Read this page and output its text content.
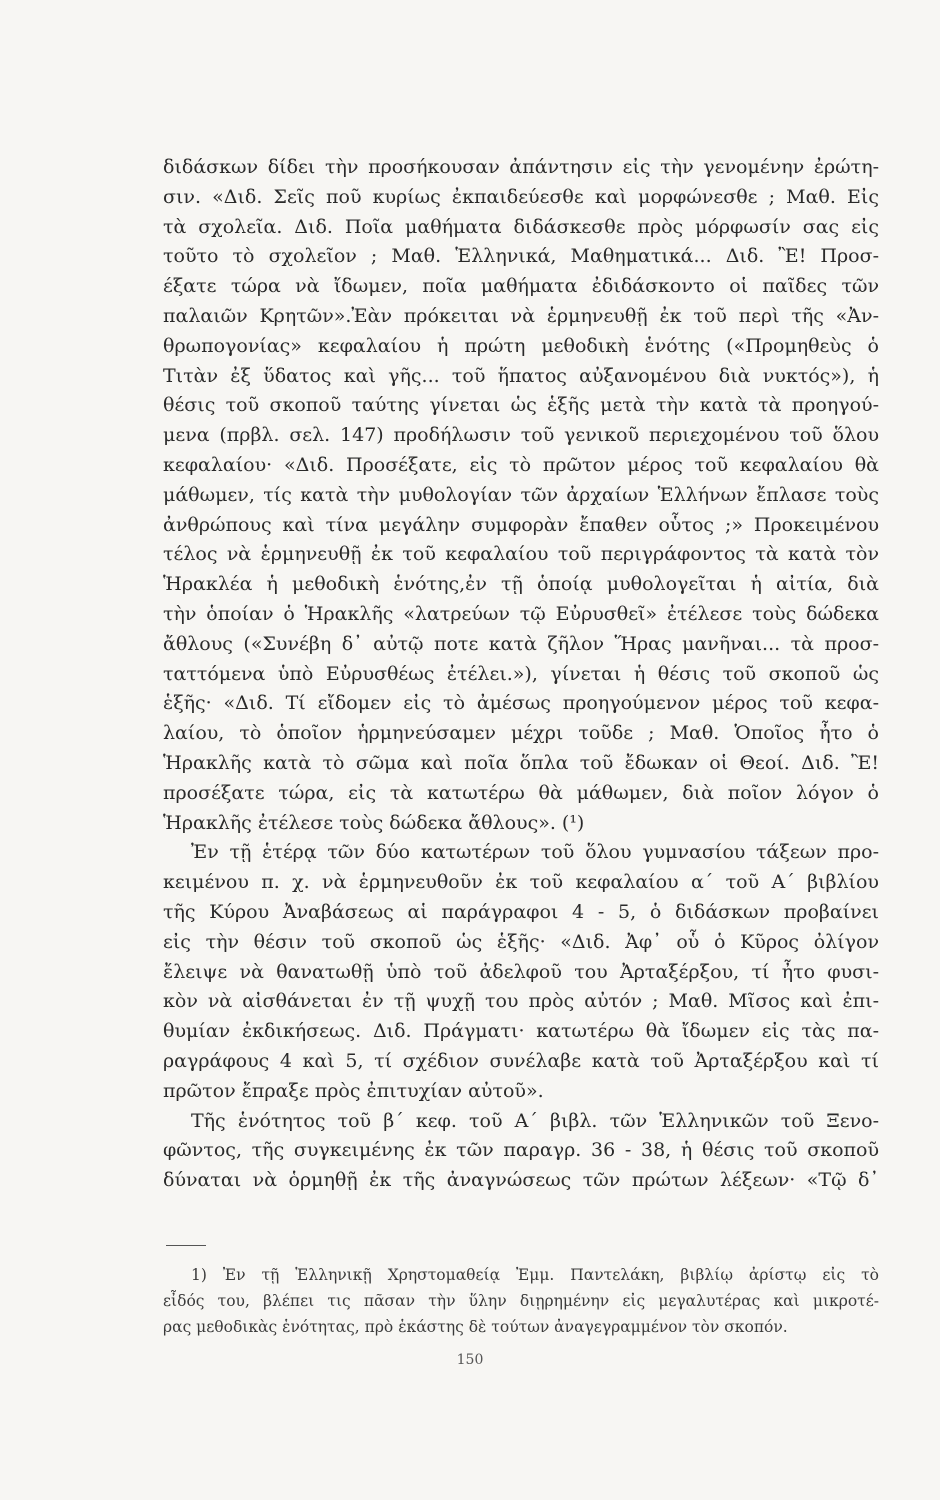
διδάσκων δίδει τὴν προσήκουσαν ἀπάντησιν εἰς τὴν γενομένην ἐρώτη-
σιν. «Διδ. Σεῖς ποῦ κυρίως ἐκπαιδεύεσθε καὶ μορφώνεσθε ; Μαθ. Εἰς
τὰ σχολεῖα. Διδ. Ποῖα μαθήματα διδάσκεσθε πρὸς μόρφωσίν σας εἰς
τοῦτο τὸ σχολεῖον ; Μαθ. Ἑλληνικά, Μαθηματικά... Διδ. Ἒ! Προσ-
έξατε τώρα νὰ ἴδωμεν, ποῖα μαθήματα ἐδιδάσκοντο οἱ παῖδες τῶν
παλαιῶν Κρητῶν».Ἐὰν πρόκειται νὰ ἑρμηνευθῇ ἐκ τοῦ περὶ τῆς «Ἀν-
θρωπογονίας» κεφαλαίου ἡ πρώτη μεθοδικὴ ἑνότης («Προμηθεὺς ὁ
Τιτὰν ἐξ ὕδατος καὶ γῆς... τοῦ ἥπατος αὐξανομένου διὰ νυκτός»), ἡ
θέσις τοῦ σκοποῦ ταύτης γίνεται ὡς ἑξῆς μετὰ τὴν κατὰ τὰ προηγού-
μενα (πρβλ. σελ. 147) προδήλωσιν τοῦ γενικοῦ περιεχομένου τοῦ ὅλου
κεφαλαίου· «Διδ. Προσέξατε, εἰς τὸ πρῶτον μέρος τοῦ κεφαλαίου θὰ
μάθωμεν, τίς κατὰ τὴν μυθολογίαν τῶν ἀρχαίων Ἑλλήνων ἔπλασε τοὺς
ἀνθρώπους καὶ τίνα μεγάλην συμφορὰν ἔπαθεν οὗτος ;» Προκειμένου
τέλος νὰ ἑρμηνευθῇ ἐκ τοῦ κεφαλαίου τοῦ περιγράφοντος τὰ κατὰ τὸν
Ἡρακλέα ἡ μεθοδικὴ ἑνότης,ἐν τῇ ὁποίᾳ μυθολογεῖται ἡ αἰτία, διὰ
τὴν ὁποίαν ὁ Ἡρακλῆς «λατρεύων τῷ Εὐρυσθεῖ» ἐτέλεσε τοὺς δώδεκα
ἄθλους («Συνέβη δ᾽ αὐτῷ ποτε κατὰ ζῆλον Ἥρας μανῆναι... τὰ προσ-
ταττόμενα ὑπὸ Εὐρυσθέως ἐτέλει.»), γίνεται ἡ θέσις τοῦ σκοποῦ ὡς
ἑξῆς· «Διδ. Τί εἴδομεν εἰς τὸ ἀμέσως προηγούμενον μέρος τοῦ κεφα-
λαίου, τὸ ὁποῖον ἡρμηνεύσαμεν μέχρι τοῦδε ; Μαθ. Ὁποῖος ἦτο ὁ
Ἡρακλῆς κατὰ τὸ σῶμα καὶ ποῖα ὅπλα τοῦ ἔδωκαν οἱ Θεοί. Διδ. Ἒ!
προσέξατε τώρα, εἰς τὰ κατωτέρω θὰ μάθωμεν, διὰ ποῖον λόγον ὁ
Ἡρακλῆς ἐτέλεσε τοὺς δώδεκα ἄθλους». (¹)
Ἐν τῇ ἑτέρᾳ τῶν δύο κατωτέρων τοῦ ὅλου γυμνασίου τάξεων προ-
κειμένου π. χ. νὰ ἑρμηνευθοῦν ἐκ τοῦ κεφαλαίου α΄ τοῦ Α΄ βιβλίου
τῆς Κύρου Ἀναβάσεως αἱ παράγραφοι 4 - 5, ὁ διδάσκων προβαίνει
εἰς τὴν θέσιν τοῦ σκοποῦ ὡς ἑξῆς· «Διδ. Ἀφ᾽ οὗ ὁ Κῦρος ὀλίγον
ἔλειψε νὰ θανατωθῇ ὑπὸ τοῦ ἀδελφοῦ του Ἀρταξέρξου, τί ἦτο φυσι-
κὸν νὰ αἰσθάνεται ἐν τῇ ψυχῇ του πρὸς αὐτόν ; Μαθ. Μῖσος καὶ ἐπι-
θυμίαν ἐκδικήσεως. Διδ. Πράγματι· κατωτέρω θὰ ἴδωμεν εἰς τὰς πα-
ραγράφους 4 καὶ 5, τί σχέδιον συνέλαβε κατὰ τοῦ Ἀρταξέρξου καὶ τί
πρῶτον ἔπραξε πρὸς ἐπιτυχίαν αὐτοῦ».
Τῆς ἑνότητος τοῦ β΄ κεφ. τοῦ Α΄ βιβλ. τῶν Ἑλληνικῶν τοῦ Ξενο-
φῶντος, τῆς συγκειμένης ἐκ τῶν παραγρ. 36 - 38, ἡ θέσις τοῦ σκοποῦ
δύναται νὰ ὁρμηθῇ ἐκ τῆς ἀναγνώσεως τῶν πρώτων λέξεων· «Τῷ δ᾽
1) Ἐν τῇ Ἑλληνικῇ Χρηστομαθείᾳ Ἐμμ. Παντελάκη, βιβλίῳ ἀρίστῳ εἰς τὸ
εἶδός του, βλέπει τις πᾶσαν τὴν ὕλην διῃρημένην εἰς μεγαλυτέρας καὶ μικροτέ-
ρας μεθοδικὰς ἑνότητας, πρὸ ἑκάστης δὲ τούτων ἀναγεγραμμένον τὸν σκοπόν.
150
